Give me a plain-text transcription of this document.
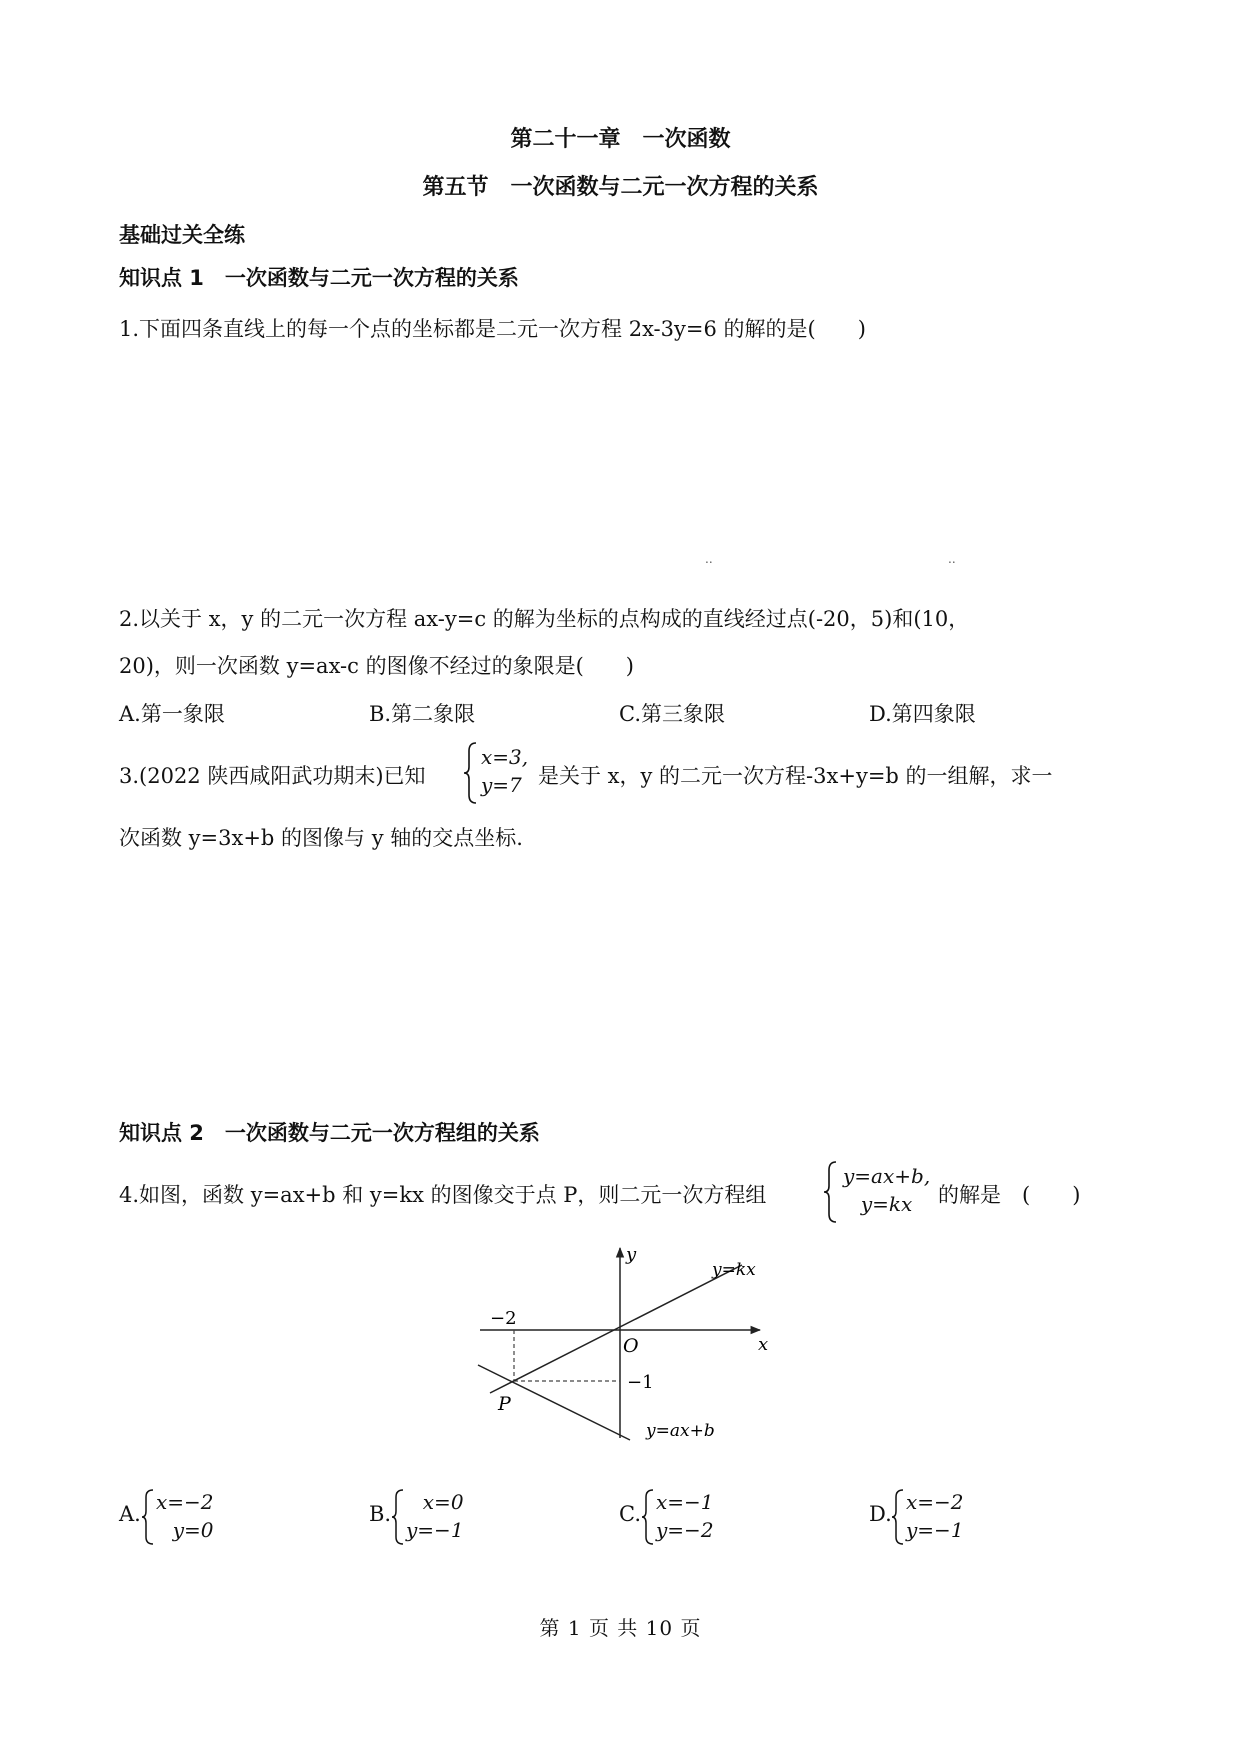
第二十一章　一次函数
第五节　一次函数与二元一次方程的关系
基础过关全练
知识点 1　一次函数与二元一次方程的关系
1.下面四条直线上的每一个点的坐标都是二元一次方程 2x-3y=6 的解的是(　　)
..	..
2.以关于 x，y 的二元一次方程 ax-y=c 的解为坐标的点构成的直线经过点(-20，5)和(10，
20)，则一次函数 y=ax-c 的图像不经过的象限是(　　)
A.第一象限	B.第二象限	C.第三象限	D.第四象限
3.(2022 陕西咸阳武功期末)已知
x=3,
y=7 是关于 x，y 的二元一次方程-3x+y=b 的一组解，求一
次函数 y=3x+b 的图像与 y 轴的交点坐标.
知识点 2　一次函数与二元一次方程组的关系
4.如图，函数 y=ax+b 和 y=kx 的图像交于点 P，则二元一次方程组
y=ax+b,
y=kx	的解是　(　　)
y
x
O
y=kx
y=ax+b
P
−2
−1
A. x=−2
y=0
B.	x=0
y=−1
C. x=−1
y=−2
D. x=−2
y=−1
第 1 页 共 10 页
